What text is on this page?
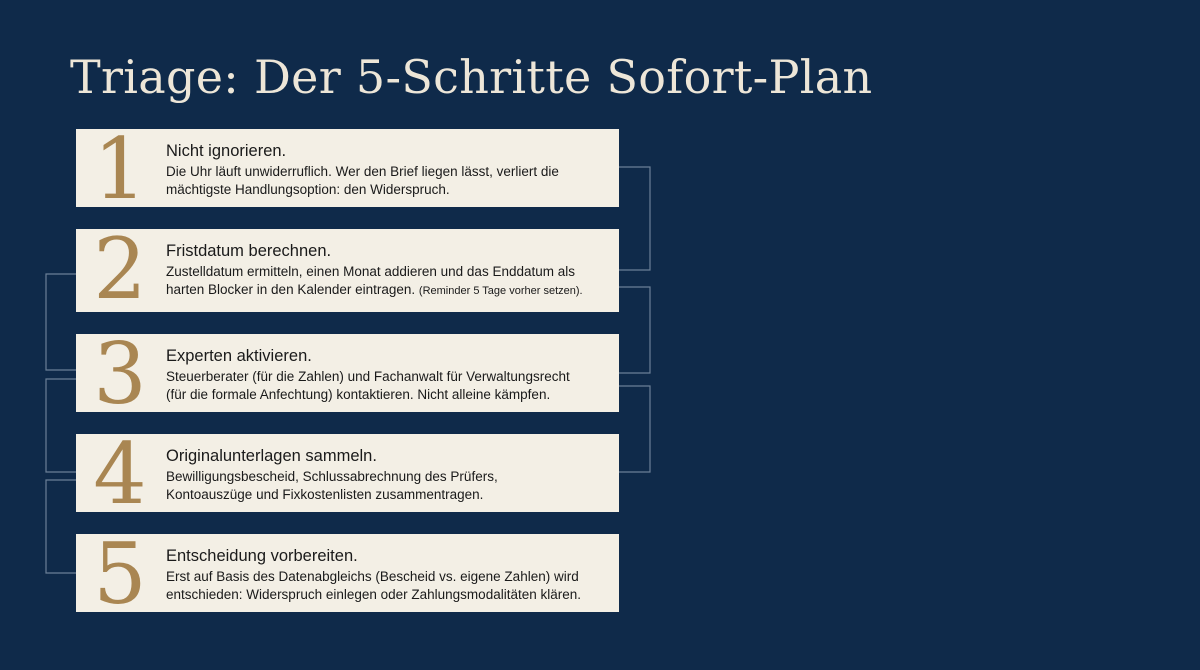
Triage: Der 5-Schritte Sofort-Plan
1 Nicht ignorieren.
Die Uhr läuft unwiderruflich. Wer den Brief liegen lässt, verliert die
mächtigste Handlungsoption: den Widerspruch.
2 Fristdatum berechnen.
Zustelldatum ermitteln, einen Monat addieren und das Enddatum als
harten Blocker in den Kalender eintragen. (Reminder 5 Tage vorher setzen).
3 Experten aktivieren.
Steuerberater (für die Zahlen) und Fachanwalt für Verwaltungsrecht
(für die formale Anfechtung) kontaktieren. Nicht alleine kämpfen.
4 Originalunterlagen sammeln.
Bewilligungsbescheid, Schlussabrechnung des Prüfers,
Kontoauszüge und Fixkostenlisten zusammentragen.
5 Entscheidung vorbereiten.
Erst auf Basis des Datenabgleichs (Bescheid vs. eigene Zahlen) wird
entschieden: Widerspruch einlegen oder Zahlungsmodalitäten klären.
